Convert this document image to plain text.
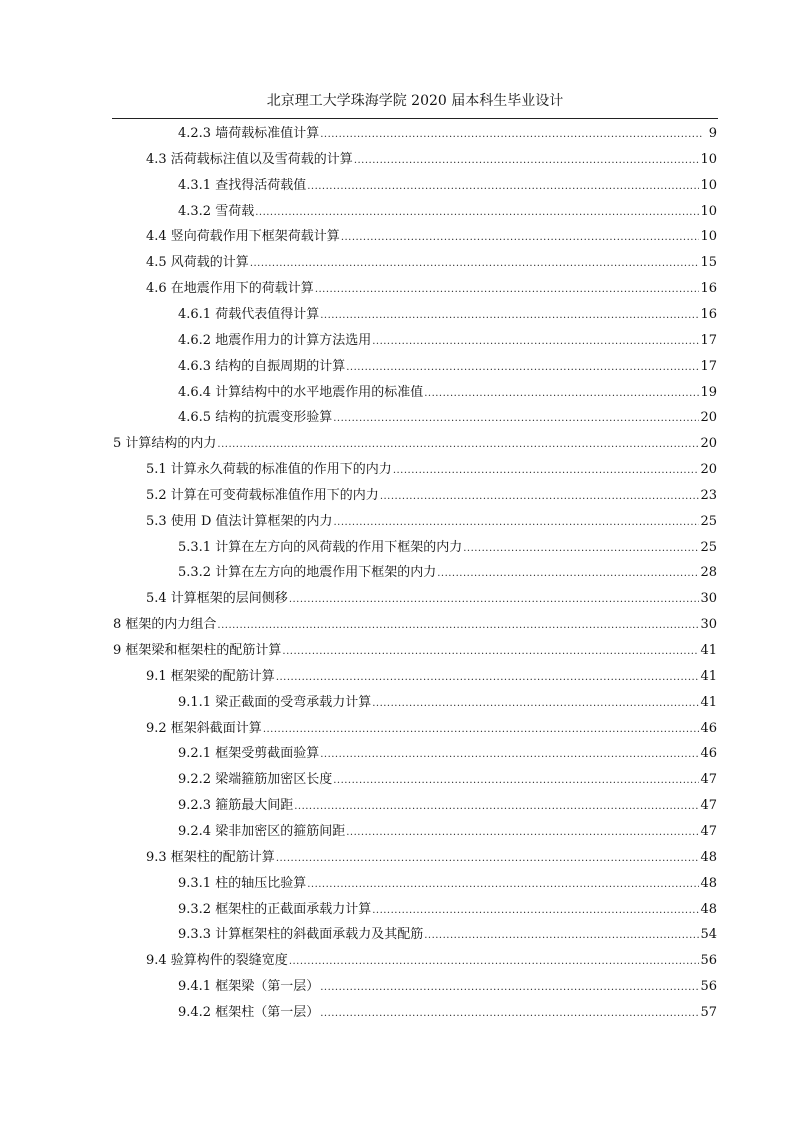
北京理工大学珠海学院 2020 届本科生毕业设计
4.2.3 墙荷载标准值计算 .....	9
4.3 活荷载标注值以及雪荷载的计算 .....	10
4.3.1 查找得活荷载值 .....	10
4.3.2 雪荷载 .....	10
4.4 竖向荷载作用下框架荷载计算 .....	10
4.5 风荷载的计算 .....	15
4.6 在地震作用下的荷载计算 .....	16
4.6.1 荷载代表值得计算 .....	16
4.6.2 地震作用力的计算方法选用 .....	17
4.6.3 结构的自振周期的计算 .....	17
4.6.4 计算结构中的水平地震作用的标准值 .....	19
4.6.5 结构的抗震变形验算 .....	20
5 计算结构的内力 .....	20
5.1 计算永久荷载的标准值的作用下的内力 .....	20
5.2 计算在可变荷载标准值作用下的内力 .....	23
5.3 使用 D 值法计算框架的内力 .....	25
5.3.1 计算在左方向的风荷载的作用下框架的内力 .....	25
5.3.2 计算在左方向的地震作用下框架的内力 .....	28
5.4 计算框架的层间侧移 .....	30
8 框架的内力组合 .....	30
9 框架梁和框架柱的配筋计算 .....	41
9.1 框架梁的配筋计算 .....	41
9.1.1 梁正截面的受弯承载力计算 .....	41
9.2 框架斜截面计算 .....	46
9.2.1 框架受剪截面验算 .....	46
9.2.2 梁端箍筋加密区长度 .....	47
9.2.3 箍筋最大间距 .....	47
9.2.4 梁非加密区的箍筋间距 .....	47
9.3 框架柱的配筋计算 .....	48
9.3.1 柱的轴压比验算 .....	48
9.3.2 框架柱的正截面承载力计算 .....	48
9.3.3 计算框架柱的斜截面承载力及其配筋 .....	54
9.4 验算构件的裂缝宽度 .....	56
9.4.1 框架梁（第一层） .....	56
9.4.2 框架柱（第一层） .....	57
